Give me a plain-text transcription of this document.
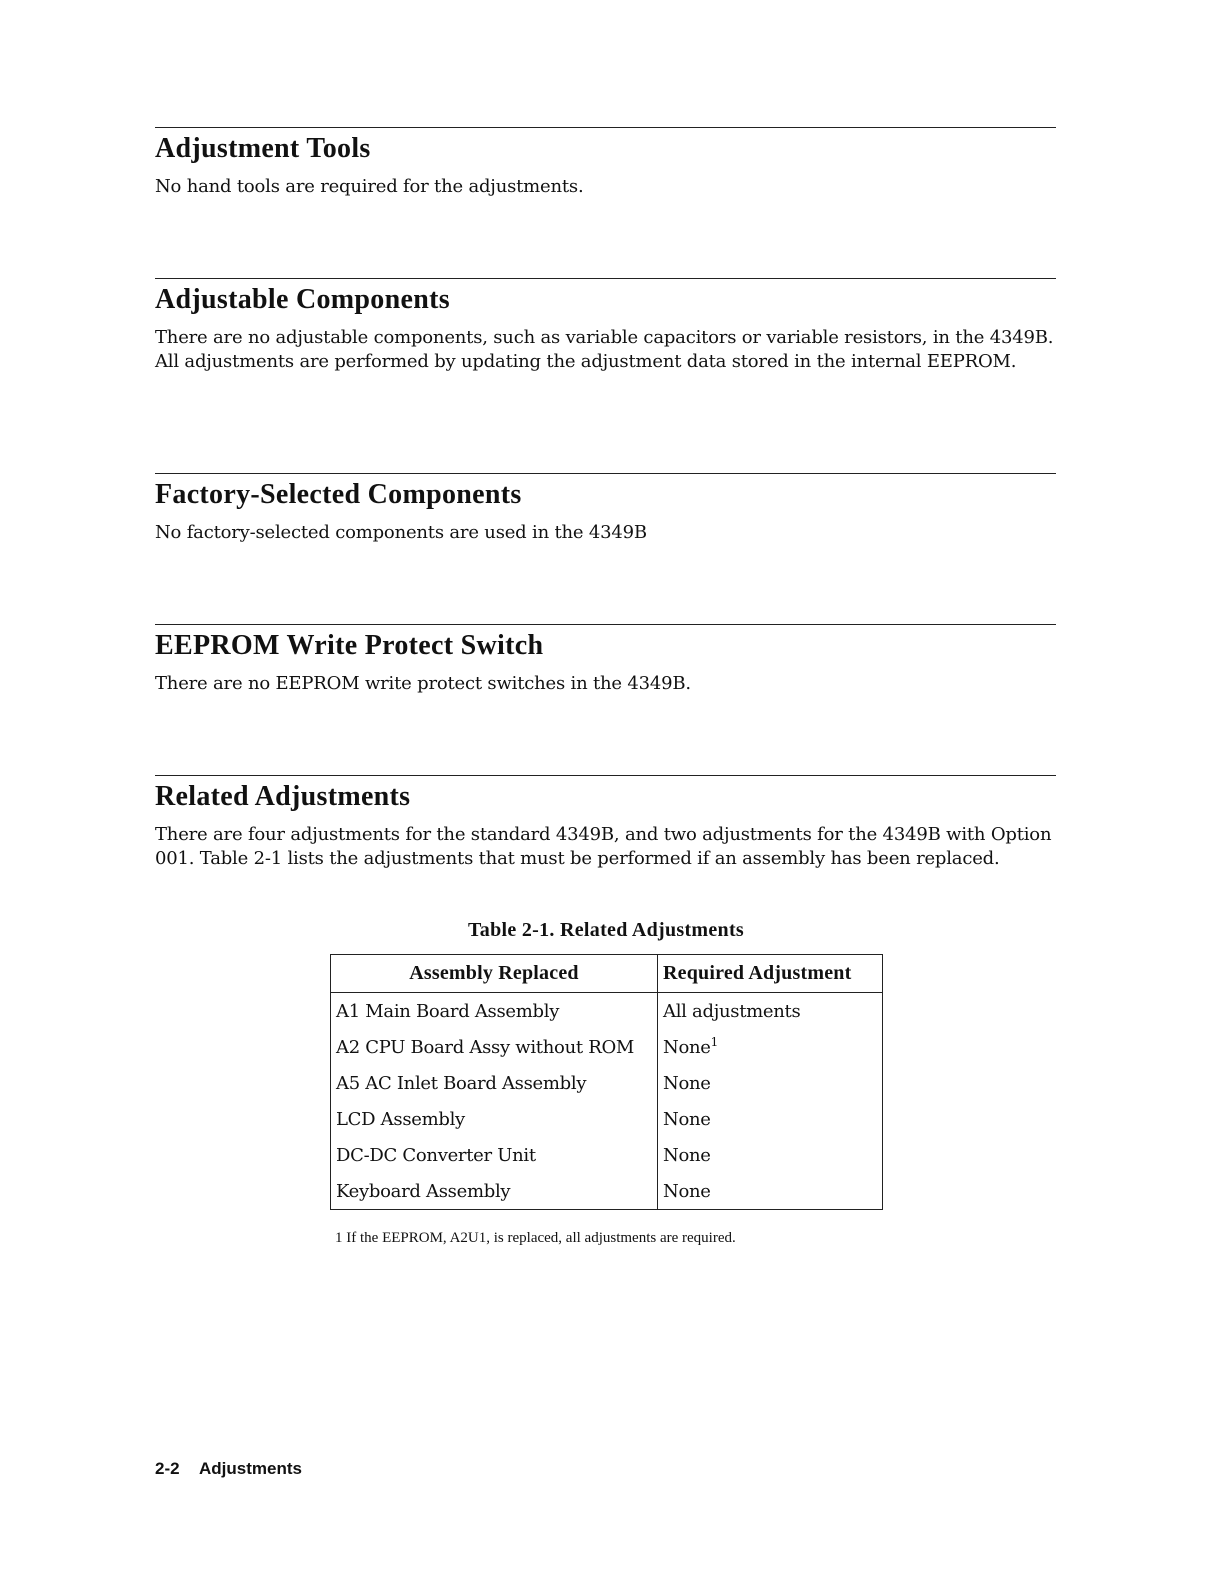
Adjustment Tools

No hand tools are required for the adjustments.

Adjustable Components

There are no adjustable components, such as variable capacitors or variable resistors, in the 4349B. All adjustments are performed by updating the adjustment data stored in the internal EEPROM.

Factory-Selected Components

No factory-selected components are used in the 4349B

EEPROM Write Protect Switch

There are no EEPROM write protect switches in the 4349B.

Related Adjustments

There are four adjustments for the standard 4349B, and two adjustments for the 4349B with Option 001. Table 2-1 lists the adjustments that must be performed if an assembly has been replaced.

Table 2-1. Related Adjustments
Assembly Replaced	Required Adjustment
A1 Main Board Assembly	All adjustments
A2 CPU Board Assy without ROM	None$^1$
A5 AC Inlet Board Assembly	None
LCD Assembly	None
DC-DC Converter Unit	None
Keyboard Assembly	None
1 If the EEPROM, A2U1, is replaced, all adjustments are required.
2-2 Adjustments
